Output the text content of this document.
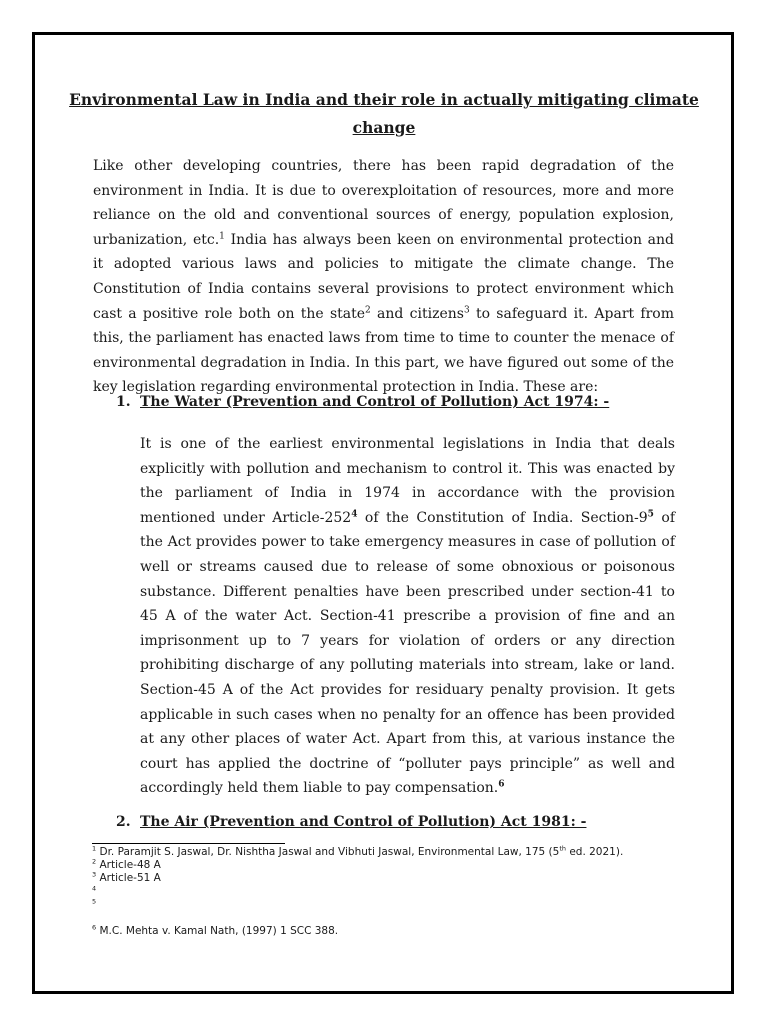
Environmental Law in India and their role in actually mitigating climate change
Like other developing countries, there has been rapid degradation of the environment in India. It is due to overexploitation of resources, more and more reliance on the old and conventional sources of energy, population explosion, urbanization, etc.$^1$ India has always been keen on environmental protection and it adopted various laws and policies to mitigate the climate change. The Constitution of India contains several provisions to protect environment which cast a positive role both on the state$^2$ and citizens$^3$ to safeguard it. Apart from this, the parliament has enacted laws from time to time to counter the menace of environmental degradation in India. In this part, we have figured out some of the key legislation regarding environmental protection in India. These are:
1. The Water (Prevention and Control of Pollution) Act 1974: -
It is one of the earliest environmental legislations in India that deals explicitly with pollution and mechanism to control it. This was enacted by the parliament of India in 1974 in accordance with the provision mentioned under Article-$252^4$ of the Constitution of India. Section-$9^5$ of the Act provides power to take emergency measures in case of pollution of well or streams caused due to release of some obnoxious or poisonous substance. Different penalties have been prescribed under section-41 to 45 A of the water Act. Section-41 prescribe a provision of fine and an imprisonment up to 7 years for violation of orders or any direction prohibiting discharge of any polluting materials into stream, lake or land. Section-45 A of the Act provides for residuary penalty provision. It gets applicable in such cases when no penalty for an offence has been provided at any other places of water Act. Apart from this, at various instance the court has applied the doctrine of “polluter pays principle” as well and accordingly held them liable to pay compensation.$^6$
2. The Air (Prevention and Control of Pollution) Act 1981: -
$^1$ Dr. Paramjit S. Jaswal, Dr. Nishtha Jaswal and Vibhuti Jaswal, Environmental Law, 175 (5th ed. 2021).
$^2$ Article-48 A
$^3$ Article-51 A
$^4$
$^5$
$^6$ M.C. Mehta v. Kamal Nath, (1997) 1 SCC 388.
